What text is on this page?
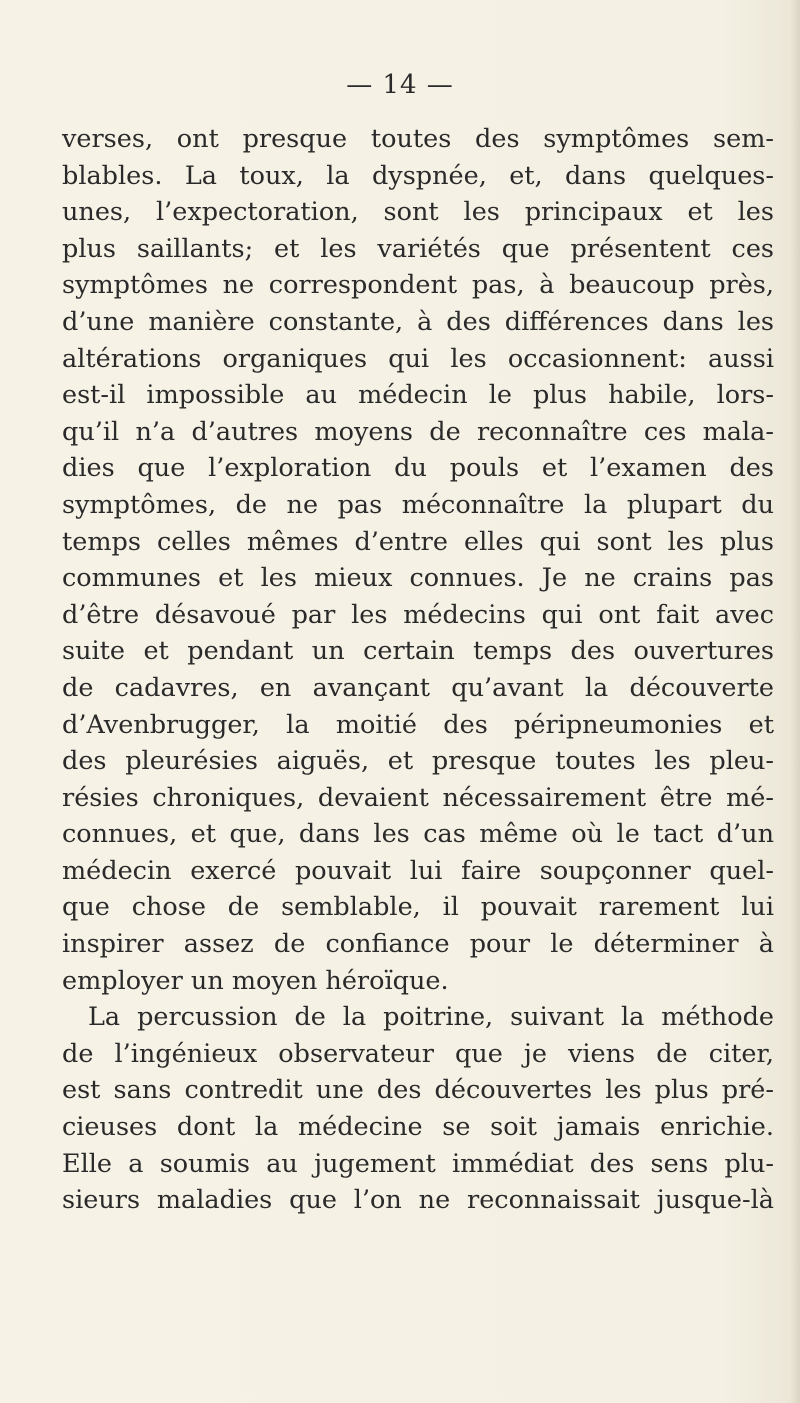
— 14 —
verses, ont presque toutes des symptômes sem-
blables. La toux, la dyspnée, et, dans quelques-
unes, l’expectoration, sont les principaux et les
plus saillants; et les variétés que présentent ces
symptômes ne correspondent pas, à beaucoup près,
d’une manière constante, à des différences dans les
altérations organiques qui les occasionnent: aussi
est-il impossible au médecin le plus habile, lors-
qu’il n’a d’autres moyens de reconnaître ces mala-
dies que l’exploration du pouls et l’examen des
symptômes, de ne pas méconnaître la plupart du
temps celles mêmes d’entre elles qui sont les plus
communes et les mieux connues. Je ne crains pas
d’être désavoué par les médecins qui ont fait avec
suite et pendant un certain temps des ouvertures
de cadavres, en avançant qu’avant la découverte
d’Avenbrugger, la moitié des péripneumonies et
des pleurésies aiguës, et presque toutes les pleu-
résies chroniques, devaient nécessairement être mé-
connues, et que, dans les cas même où le tact d’un
médecin exercé pouvait lui faire soupçonner quel-
que chose de semblable, il pouvait rarement lui
inspirer assez de confiance pour le déterminer à
employer un moyen héroïque.
La percussion de la poitrine, suivant la méthode
de l’ingénieux observateur que je viens de citer,
est sans contredit une des découvertes les plus pré-
cieuses dont la médecine se soit jamais enrichie.
Elle a soumis au jugement immédiat des sens plu-
sieurs maladies que l’on ne reconnaissait jusque-là
